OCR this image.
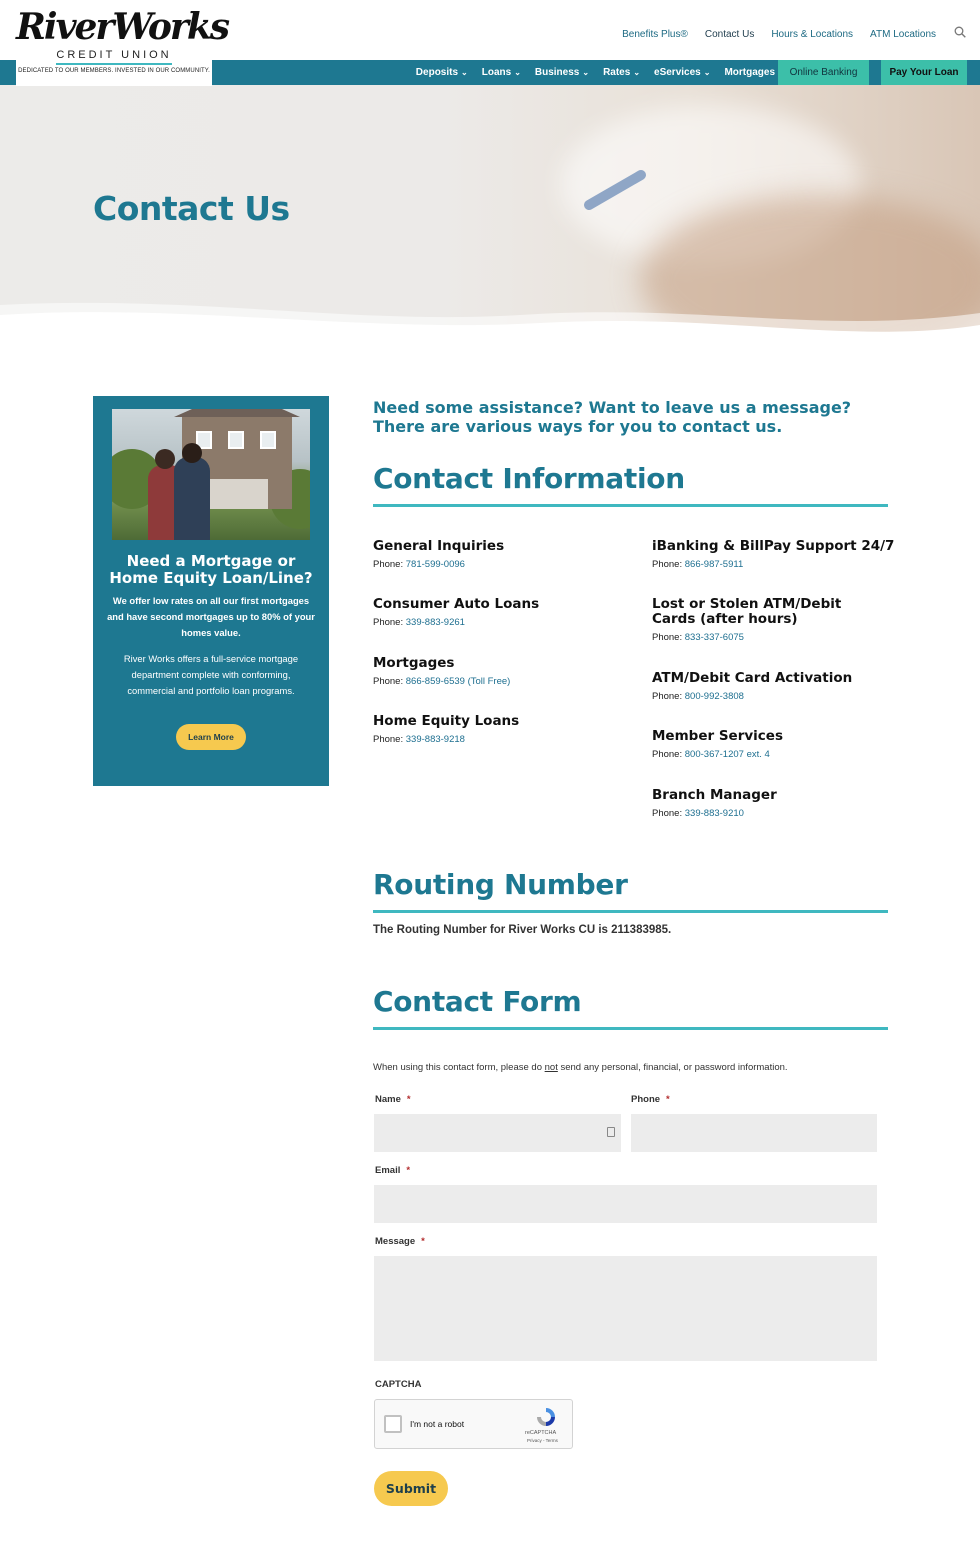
RiverWorks
CREDIT UNION
DEDICATED TO OUR MEMBERS. INVESTED IN OUR COMMUNITY.
Benefits Plus® Contact Us Hours & Locations ATM Locations
Deposits ⌄ Loans ⌄ Business ⌄ Rates ⌄ eServices ⌄ Mortgages	Online Banking	Pay Your Loan
Contact Us
Need a Mortgage or Home Equity Loan/Line?
We offer low rates on all our first mortgages and have second mortgages up to 80% of your homes value.
River Works offers a full-service mortgage department complete with conforming, commercial and portfolio loan programs.
Learn More
Need some assistance? Want to leave us a message? There are various ways for you to contact us.
Contact Information
General Inquiries
Phone: 781-599-0096
Consumer Auto Loans
Phone: 339-883-9261
Mortgages
Phone: 866-859-6539 (Toll Free)
Home Equity Loans
Phone: 339-883-9218
iBanking & BillPay Support 24/7
Phone: 866-987-5911
Lost or Stolen ATM/Debit Cards (after hours)
Phone: 833-337-6075
ATM/Debit Card Activation
Phone: 800-992-3808
Member Services
Phone: 800-367-1207 ext. 4
Branch Manager
Phone: 339-883-9210
Routing Number
The Routing Number for River Works CU is 211383985.
Contact Form
When using this contact form, please do not send any personal, financial, or password information.
Name *	Phone *
Email *
Message *
CAPTCHA
I'm not a robot
reCAPTCHA
Privacy - Terms
Submit
